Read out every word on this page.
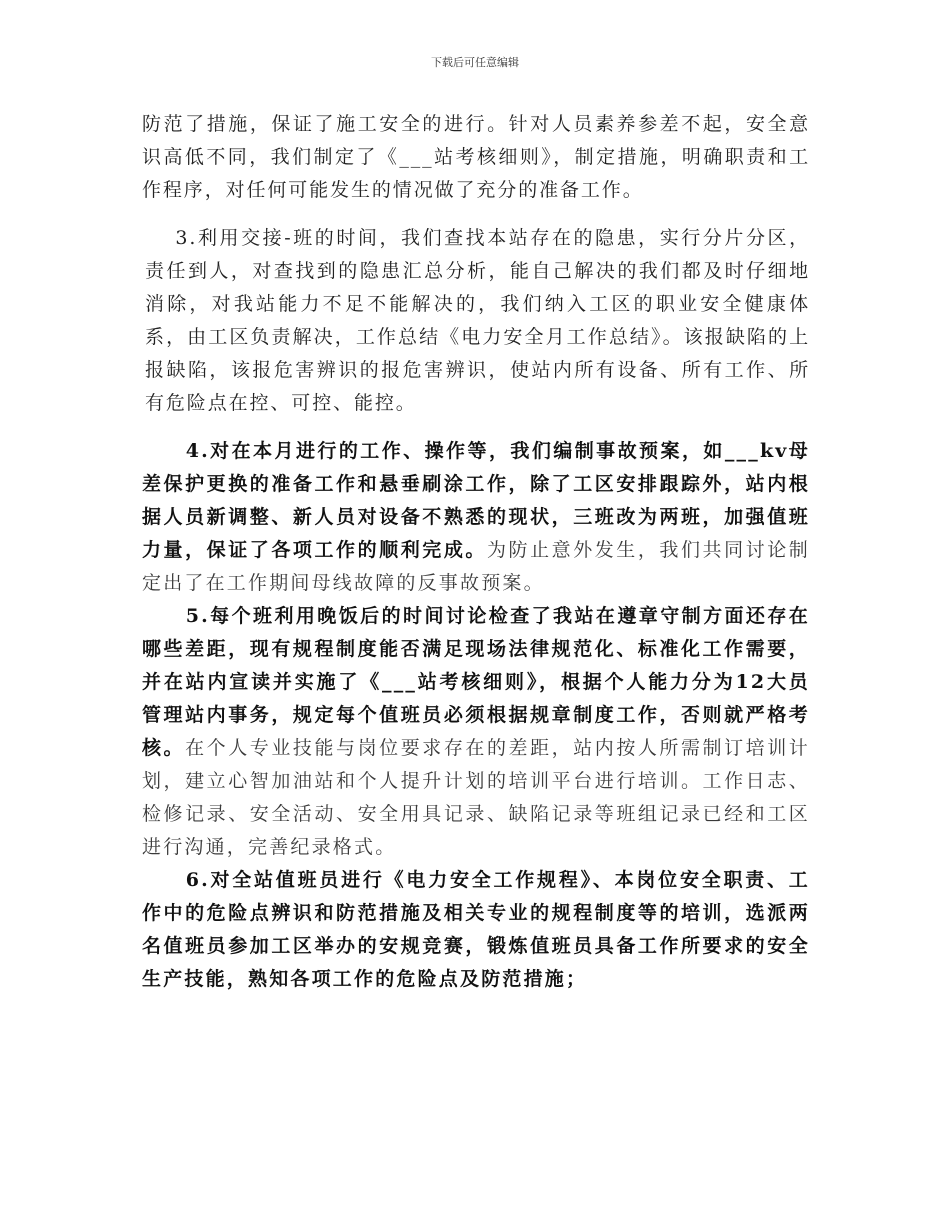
下载后可任意编辑

防范了措施，保证了施工安全的进行。针对人员素养参差不起，安全意识高低不同，我们制定了《___站考核细则》，制定措施，明确职责和工作程序，对任何可能发生的情况做了充分的准备工作。

3.利用交接-班的时间，我们查找本站存在的隐患，实行分片分区，责任到人，对查找到的隐患汇总分析，能自己解决的我们都及时仔细地消除，对我站能力不足不能解决的，我们纳入工区的职业安全健康体系，由工区负责解决，工作总结《电力安全月工作总结》。该报缺陷的上报缺陷，该报危害辨识的报危害辨识，使站内所有设备、所有工作、所有危险点在控、可控、能控。

4.对在本月进行的工作、操作等，我们编制事故预案，如___kv母差保护更换的准备工作和悬垂刷涂工作，除了工区安排跟踪外，站内根据人员新调整、新人员对设备不熟悉的现状，三班改为两班，加强值班力量，保证了各项工作的顺利完成。为防止意外发生，我们共同讨论制定出了在工作期间母线故障的反事故预案。

5.每个班利用晚饭后的时间讨论检查了我站在遵章守制方面还存在哪些差距，现有规程制度能否满足现场法律规范化、标准化工作需要，并在站内宣读并实施了《___站考核细则》，根据个人能力分为12大员管理站内事务，规定每个值班员必须根据规章制度工作，否则就严格考核。在个人专业技能与岗位要求存在的差距，站内按人所需制订培训计划，建立心智加油站和个人提升计划的培训平台进行培训。工作日志、检修记录、安全活动、安全用具记录、缺陷记录等班组记录已经和工区进行沟通，完善纪录格式。

6.对全站值班员进行《电力安全工作规程》、本岗位安全职责、工作中的危险点辨识和防范措施及相关专业的规程制度等的培训，选派两名值班员参加工区举办的安规竞赛，锻炼值班员具备工作所要求的安全生产技能，熟知各项工作的危险点及防范措施；
